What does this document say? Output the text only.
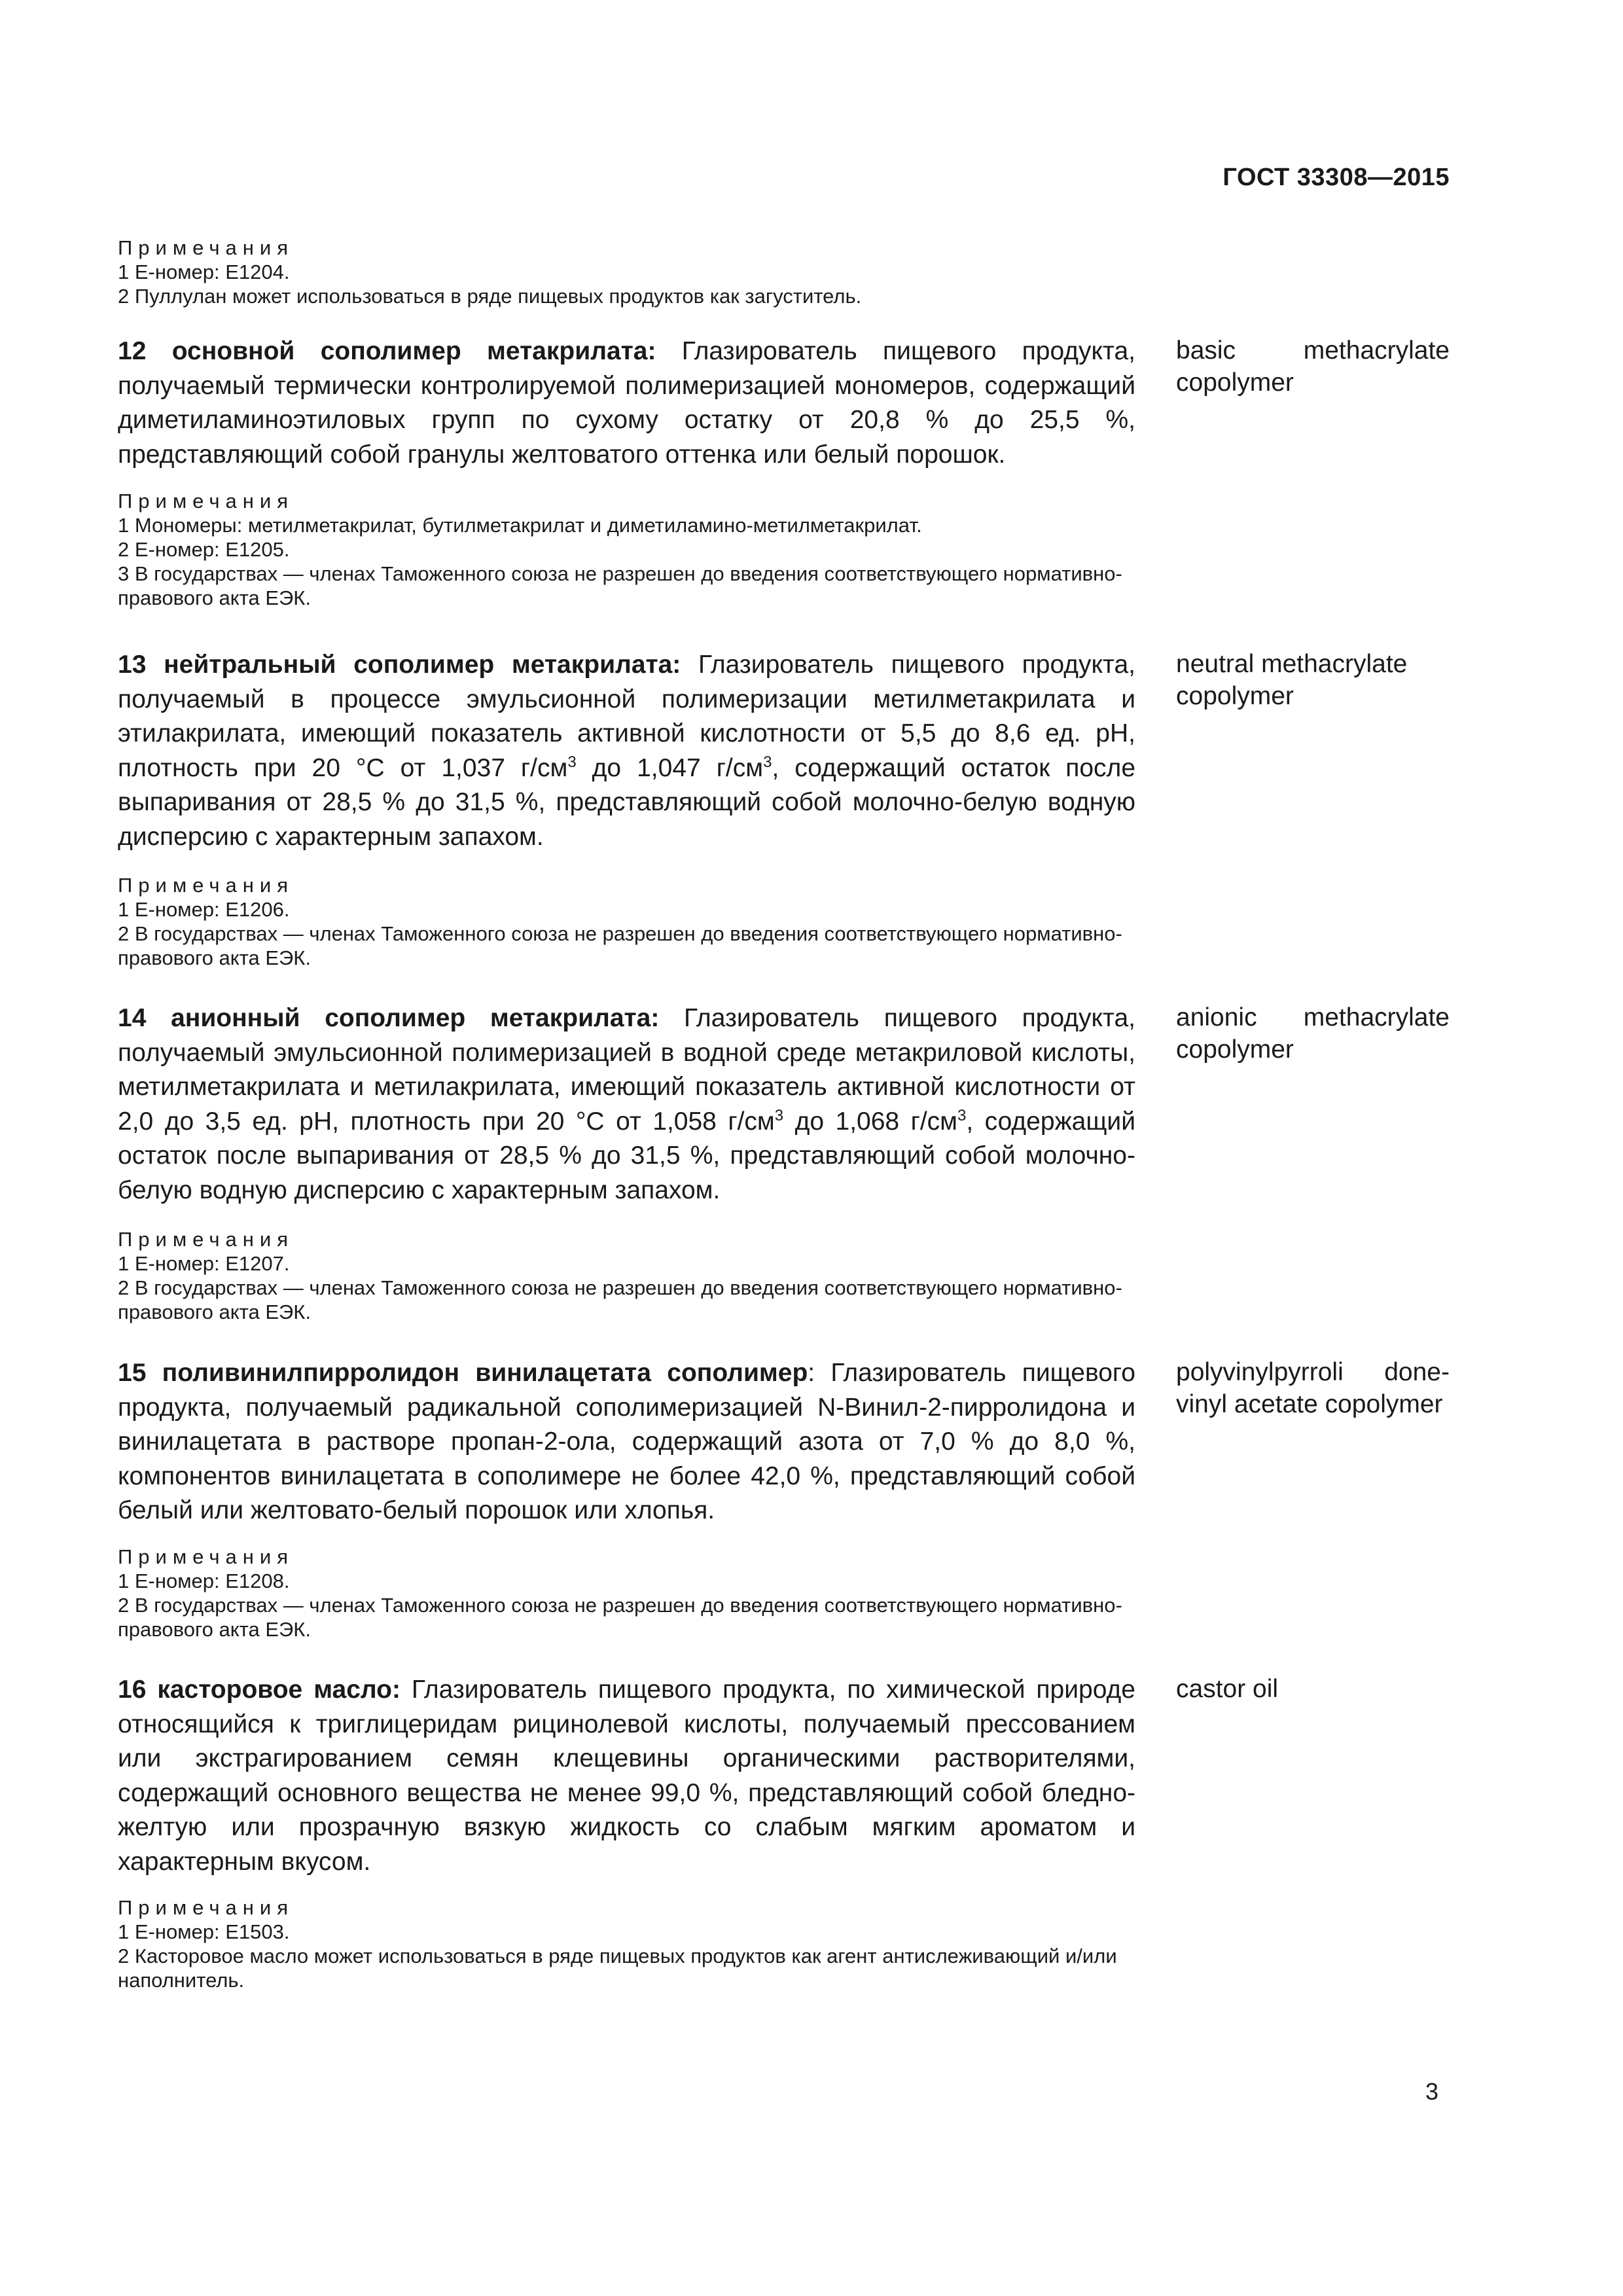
ГОСТ 33308—2015
Примечания
1 Е-номер: Е1204.
2 Пуллулан может использоваться в ряде пищевых продуктов как загуститель.
12 основной сополимер метакрилата: Глазирователь пищевого продукта, получаемый термически контролируемой полимеризацией мономеров, содержащий диметиламиноэтиловых групп по сухому остатку от 20,8 % до 25,5 %, представляющий собой гранулы желтоватого оттенка или белый порошок.
basic methacrylate copolymer
Примечания
1 Мономеры: метилметакрилат, бутилметакрилат и диметиламино-метилметакрилат.
2 Е-номер: Е1205.
3 В государствах — членах Таможенного союза не разрешен до введения соответствующего нормативно-правового акта ЕЭК.
13 нейтральный сополимер метакрилата: Глазирователь пищевого продукта, получаемый в процессе эмульсионной полимеризации метилметакрилата и этилакрилата, имеющий показатель активной кислотности от 5,5 до 8,6 ед. pH, плотность при 20 °С от 1,037 $г/см^3$ до 1,047 $г/см^3$, содержащий остаток после выпаривания от 28,5 % до 31,5 %, представляющий собой молочно-белую водную дисперсию с характерным запахом.
neutral methacrylate copolymer
Примечания
1 Е-номер: Е1206.
2 В государствах — членах Таможенного союза не разрешен до введения соответствующего нормативно-правового акта ЕЭК.
14 анионный сополимер метакрилата: Глазирователь пищевого продукта, получаемый эмульсионной полимеризацией в водной среде метакриловой кислоты, метилметакрилата и метилакрилата, имеющий показатель активной кислотности от 2,0 до 3,5 ед. pH, плотность при 20 °С от 1,058 $г/см^3$ до 1,068 $г/см^3$, содержащий остаток после выпаривания от 28,5 % до 31,5 %, представляющий собой молочно-белую водную дисперсию с характерным запахом.
anionic methacrylate copolymer
Примечания
1 Е-номер: Е1207.
2 В государствах — членах Таможенного союза не разрешен до введения соответствующего нормативно-правового акта ЕЭК.
15 поливинилпирролидон винилацетата сополимер: Глазирователь пищевого продукта, получаемый радикальной сополимеризацией N-Винил-2-пирролидона и винилацетата в растворе пропан-2-ола, содержащий азота от 7,0 % до 8,0 %, компонентов винилацетата в сополимере не более 42,0 %, представляющий собой белый или желтовато-белый порошок или хлопья.
polyvinylpyrroli done-vinyl acetate copolymer
Примечания
1 Е-номер: Е1208.
2 В государствах — членах Таможенного союза не разрешен до введения соответствующего нормативно-правового акта ЕЭК.
16 касторовое масло: Глазирователь пищевого продукта, по химической природе относящийся к триглицеридам рицинолевой кислоты, получаемый прессованием или экстрагированием семян клещевины органическими растворителями, содержащий основного вещества не менее 99,0 %, представляющий собой бледно-желтую или прозрачную вязкую жидкость со слабым мягким ароматом и характерным вкусом.
castor oil
Примечания
1 Е-номер: Е1503.
2 Касторовое масло может использоваться в ряде пищевых продуктов как агент антислеживающий и/или наполнитель.
3
